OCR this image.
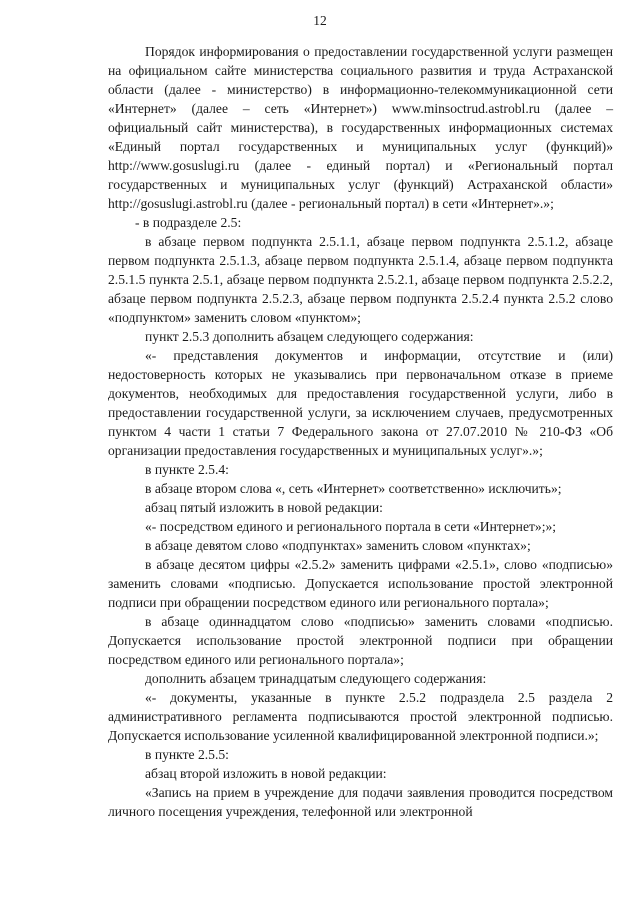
12

Порядок информирования о предоставлении государственной услуги размещен на официальном сайте министерства социального развития и труда Астраханской области (далее - министерство) в информационно-телекоммуникационной сети «Интернет» (далее – сеть «Интернет») www.minsoctrud.astrobl.ru (далее – официальный сайт министерства), в государственных информационных системах «Единый портал государственных и муниципальных услуг (функций)» http://www.gosuslugi.ru (далее - единый портал) и «Региональный портал государственных и муниципальных услуг (функций) Астраханской области» http://gosuslugi.astrobl.ru (далее - региональный портал) в сети «Интернет».»;

- в подразделе 2.5:

в абзаце первом подпункта 2.5.1.1, абзаце первом подпункта 2.5.1.2, абзаце первом подпункта 2.5.1.3, абзаце первом подпункта 2.5.1.4, абзаце первом подпункта 2.5.1.5 пункта 2.5.1, абзаце первом подпункта 2.5.2.1, абзаце первом подпункта 2.5.2.2, абзаце первом подпункта 2.5.2.3, абзаце первом подпункта 2.5.2.4 пункта 2.5.2 слово «подпунктом» заменить словом «пунктом»;

пункт 2.5.3 дополнить абзацем следующего содержания:

«- представления документов и информации, отсутствие и (или) недостоверность которых не указывались при первоначальном отказе в приеме документов, необходимых для предоставления государственной услуги, либо в предоставлении государственной услуги, за исключением случаев, предусмотренных пунктом 4 части 1 статьи 7 Федерального закона от 27.07.2010 № 210-ФЗ «Об организации предоставления государственных и муниципальных услуг».»;

в пункте 2.5.4:

в абзаце втором слова «, сеть «Интернет» соответственно» исключить»;

абзац пятый изложить в новой редакции:

«- посредством единого и регионального портала в сети «Интернет»;»;

в абзаце девятом слово «подпунктах» заменить словом «пунктах»;

в абзаце десятом цифры «2.5.2» заменить цифрами «2.5.1», слово «подписью» заменить словами «подписью. Допускается использование простой электронной подписи при обращении посредством единого или регионального портала»;

в абзаце одиннадцатом слово «подписью» заменить словами «подписью. Допускается использование простой электронной подписи при обращении посредством единого или регионального портала»;

дополнить абзацем тринадцатым следующего содержания:

«- документы, указанные в пункте 2.5.2 подраздела 2.5 раздела 2 административного регламента подписываются простой электронной подписью. Допускается использование усиленной квалифицированной электронной подписи.»;

в пункте 2.5.5:

абзац второй изложить в новой редакции:

«Запись на прием в учреждение для подачи заявления проводится посредством личного посещения учреждения, телефонной или электронной
